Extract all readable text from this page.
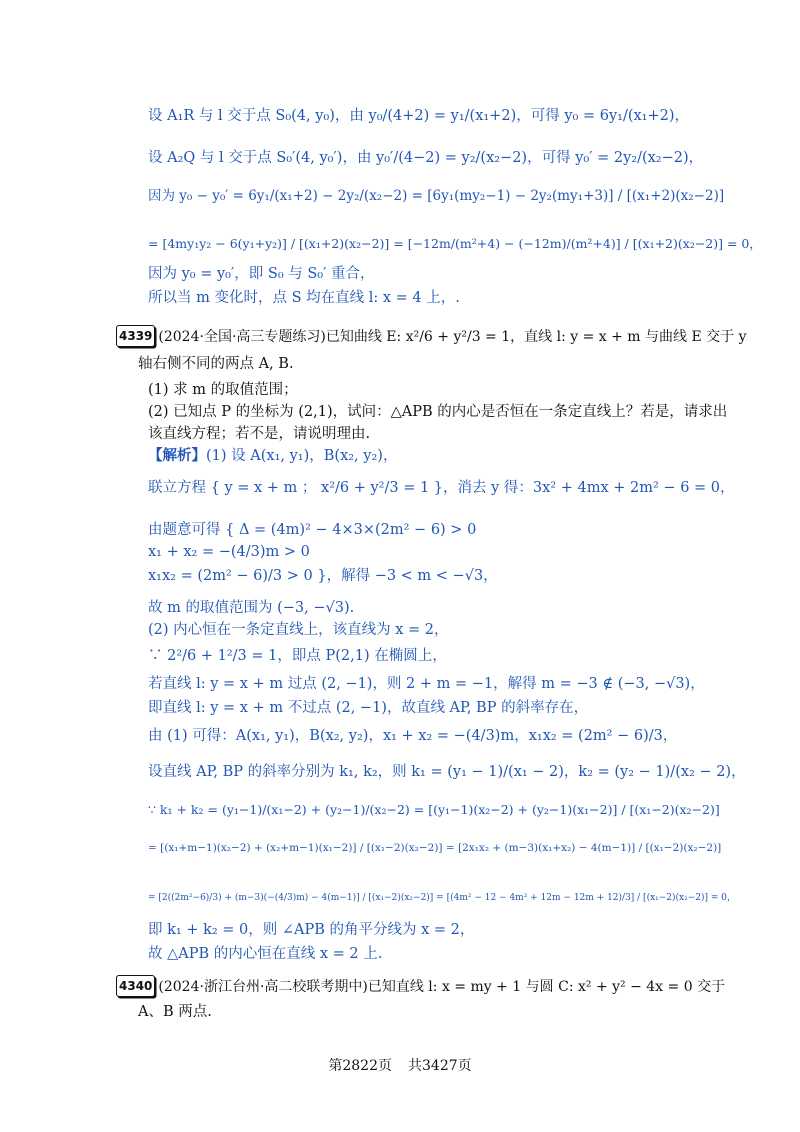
设 A₁R 与 l 交于点 S₀(4, y₀)，由 y₀/(4+2) = y₁/(x₁+2)，可得 y₀ = 6y₁/(x₁+2)，
设 A₂Q 与 l 交于点 S₀′(4, y₀′)，由 y₀′/(4−2) = y₂/(x₂−2)，可得 y₀′ = 2y₂/(x₂−2)，
因为 y₀ − y₀′ = 6y₁/(x₁+2) − 2y₂/(x₂−2) = [6y₁(my₂−1) − 2y₂(my₁+3)] / [(x₁+2)(x₂−2)]
= [4my₁y₂ − 6(y₁+y₂)] / [(x₁+2)(x₂−2)] = [−12m/(m²+4) − (−12m)/(m²+4)] / [(x₁+2)(x₂−2)] = 0，
因为 y₀ = y₀′，即 S₀ 与 S₀′ 重合，
所以当 m 变化时，点 S 均在直线 l: x = 4 上，.
4339 (2024·全国·高三专题练习)已知曲线 E: x²/6 + y²/3 = 1，直线 l: y = x + m 与曲线 E 交于 y
轴右侧不同的两点 A, B.
(1) 求 m 的取值范围；
(2) 已知点 P 的坐标为 (2,1)，试问：△APB 的内心是否恒在一条定直线上？若是，请求出
该直线方程；若不是，请说明理由.
【解析】(1) 设 A(x₁, y₁)，B(x₂, y₂)，
联立方程 { y = x + m ； x²/6 + y²/3 = 1 }，消去 y 得：3x² + 4mx + 2m² − 6 = 0，
由题意可得 { Δ = (4m)² − 4×3×(2m² − 6) > 0
x₁ + x₂ = −(4/3)m > 0
x₁x₂ = (2m² − 6)/3 > 0 }，解得 −3 < m < −√3，
故 m 的取值范围为 (−3, −√3).
(2) 内心恒在一条定直线上，该直线为 x = 2，
∵ 2²/6 + 1²/3 = 1，即点 P(2,1) 在椭圆上，
若直线 l: y = x + m 过点 (2, −1)，则 2 + m = −1，解得 m = −3 ∉ (−3, −√3)，
即直线 l: y = x + m 不过点 (2, −1)，故直线 AP, BP 的斜率存在，
由 (1) 可得：A(x₁, y₁)，B(x₂, y₂)，x₁ + x₂ = −(4/3)m，x₁x₂ = (2m² − 6)/3，
设直线 AP, BP 的斜率分别为 k₁, k₂，则 k₁ = (y₁ − 1)/(x₁ − 2)，k₂ = (y₂ − 1)/(x₂ − 2)，
∵ k₁ + k₂ = (y₁−1)/(x₁−2) + (y₂−1)/(x₂−2) = [(y₁−1)(x₂−2) + (y₂−1)(x₁−2)] / [(x₁−2)(x₂−2)]
= [(x₁+m−1)(x₂−2) + (x₂+m−1)(x₁−2)] / [(x₁−2)(x₂−2)] = [2x₁x₂ + (m−3)(x₁+x₂) − 4(m−1)] / [(x₁−2)(x₂−2)]
= [2((2m²−6)/3) + (m−3)(−(4/3)m) − 4(m−1)] / [(x₁−2)(x₂−2)] = [(4m² − 12 − 4m² + 12m − 12m + 12)/3] / [(x₁−2)(x₂−2)] = 0，
即 k₁ + k₂ = 0，则 ∠APB 的角平分线为 x = 2，
故 △APB 的内心恒在直线 x = 2 上.
4340 (2024·浙江台州·高二校联考期中)已知直线 l: x = my + 1 与圆 C: x² + y² − 4x = 0 交于
A、B 两点.
第2822页 共3427页
